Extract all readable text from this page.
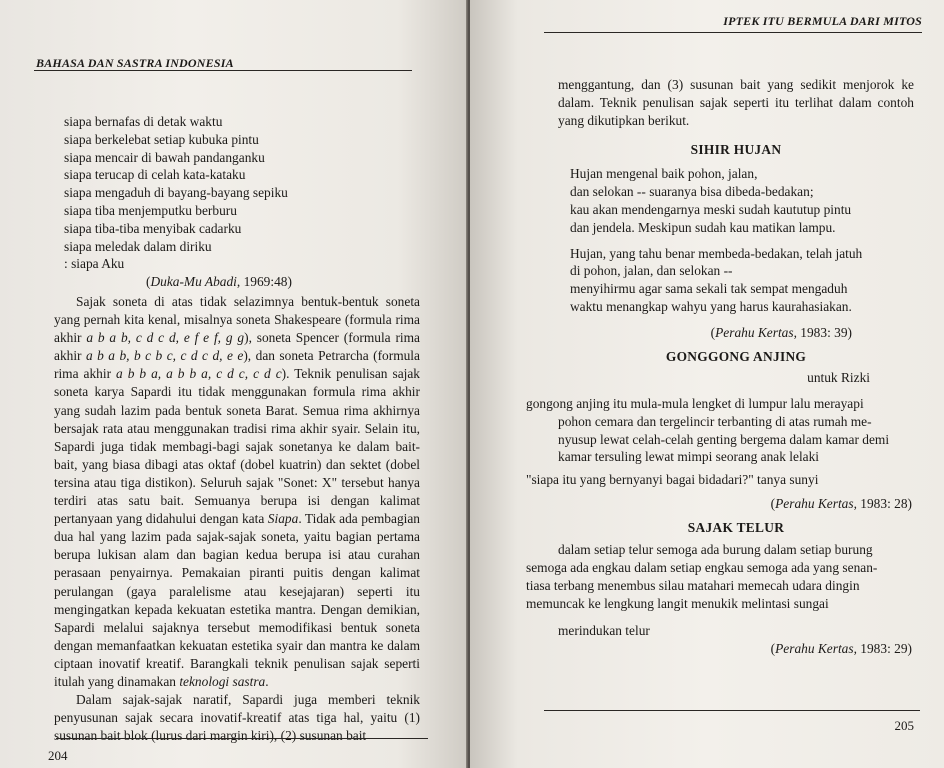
BAHASA DAN SASTRA INDONESIA
siapa bernafas di detak waktu
siapa berkelebat setiap kubuka pintu
siapa mencair di bawah pandanganku
siapa terucap di celah kata-kataku
siapa mengaduh di bayang-bayang sepiku
siapa tiba menjemputku berburu
siapa tiba-tiba menyibak cadarku
siapa meledak dalam diriku
: siapa Aku
(Duka-Mu Abadi, 1969:48)

Sajak soneta di atas tidak selazimnya bentuk-bentuk soneta yang pernah kita kenal, misalnya soneta Shakespeare (formula rima akhir a b a b, c d c d, e f e f, g g), soneta Spencer (formula rima akhir a b a b, b c b c, c d c d, e e), dan soneta Petrarcha (formula rima akhir a b b a, a b b a, c d c, c d c). Teknik penulisan sajak soneta karya Sapardi itu tidak menggunakan formula rima akhir yang sudah lazim pada bentuk soneta Barat. Semua rima akhirnya bersajak rata atau menggunakan tradisi rima akhir syair. Selain itu, Sapardi juga tidak membagi-bagi sajak sonetanya ke dalam bait-bait, yang biasa dibagi atas oktaf (dobel kuatrin) dan sektet (dobel tersina atau tiga distikon). Seluruh sajak "Sonet: X" tersebut hanya terdiri atas satu bait. Semuanya berupa isi dengan kalimat pertanyaan yang didahului dengan kata Siapa. Tidak ada pembagian dua hal yang lazim pada sajak-sajak soneta, yaitu bagian pertama berupa lukisan alam dan bagian kedua berupa isi atau curahan perasaan penyairnya. Pemakaian piranti puitis dengan kalimat perulangan (gaya paralelisme atau kesejajaran) seperti itu mengingatkan kepada kekuatan estetika mantra. Dengan demikian, Sapardi melalui sajaknya tersebut memodifikasi bentuk soneta dengan memanfaatkan kekuatan estetika syair dan mantra ke dalam ciptaan inovatif kreatif. Barangkali teknik penulisan sajak seperti itulah yang dinamakan teknologi sastra.

Dalam sajak-sajak naratif, Sapardi juga memberi teknik penyusunan sajak secara inovatif-kreatif atas tiga hal, yaitu (1) susunan bait blok (lurus dari margin kiri), (2) susunan bait

204
IPTEK ITU BERMULA DARI MITOS

menggantung, dan (3) susunan bait yang sedikit menjorok ke dalam. Teknik penulisan sajak seperti itu terlihat dalam contoh yang dikutipkan berikut.

SIHIR HUJAN
Hujan mengenal baik pohon, jalan,
dan selokan -- suaranya bisa dibeda-bedakan;
kau akan mendengarnya meski sudah kaututup pintu
dan jendela. Meskipun sudah kau matikan lampu.
Hujan, yang tahu benar membeda-bedakan, telah jatuh
di pohon, jalan, dan selokan --
menyihirmu agar sama sekali tak sempat mengaduh
waktu menangkap wahyu yang harus kaurahasiakan.
(Perahu Kertas, 1983: 39)
GONGGONG ANJING
untuk Rizki
gongong anjing itu mula-mula lengket di lumpur lalu merayapi
pohon cemara dan tergelincir terbanting di atas rumah me-
nyusup lewat celah-celah genting bergema dalam kamar demi
kamar tersuling lewat mimpi seorang anak lelaki
"siapa itu yang bernyanyi bagai bidadari?" tanya sunyi
(Perahu Kertas, 1983: 28)
SAJAK TELUR
dalam setiap telur semoga ada burung dalam setiap burung
semoga ada engkau dalam setiap engkau semoga ada yang senan-
tiasa terbang menembus silau matahari memecah udara dingin
memuncak ke lengkung langit menukik melintasi sungai
merindukan telur
(Perahu Kertas, 1983: 29)
205
